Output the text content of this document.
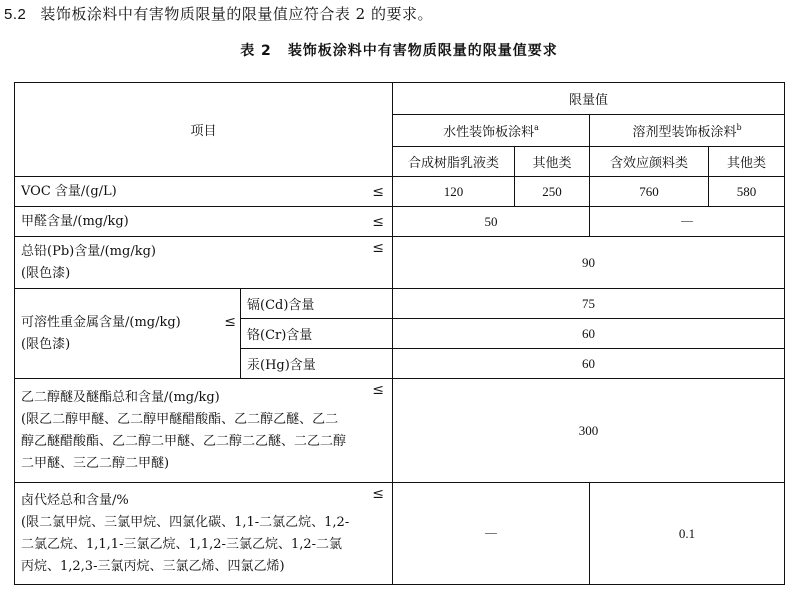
5.2 装饰板涂料中有害物质限量的限量值应符合表 2 的要求。
表 2 装饰板涂料中有害物质限量的限量值要求
项目		限量值			
		水性装饰板涂料$^a$		溶剂型装饰板涂料$^b$
		合成树脂乳液类	其他类	含效应颜料类	其他类

VOC 含量/(g/L) ≤		120	250	760	580

甲醛含量/(mg/kg) ≤		50		—	

总铅(Pb)含量/(mg/kg)
(限色漆)
≤		90			

可溶性重金属含量/(mg/kg)
(限色漆)
≤	镉(Cd)含量	75			
	铬(Cr)含量	60			
	汞(Hg)含量	60			

乙二醇醚及醚酯总和含量/(mg/kg)
(限乙二醇甲醚、乙二醇甲醚醋酸酯、乙二醇乙醚、乙二
醇乙醚醋酸酯、乙二醇二甲醚、乙二醇二乙醚、二乙二醇
二甲醚、三乙二醇二甲醚)
≤		300			

卤代烃总和含量/%
(限二氯甲烷、三氯甲烷、四氯化碳、1,1-二氯乙烷、1,2-
二氯乙烷、1,1,1-三氯乙烷、1,1,2-三氯乙烷、1,2-二氯
丙烷、1,2,3-三氯丙烷、三氯乙烯、四氯乙烯)
≤		—		0.1	
